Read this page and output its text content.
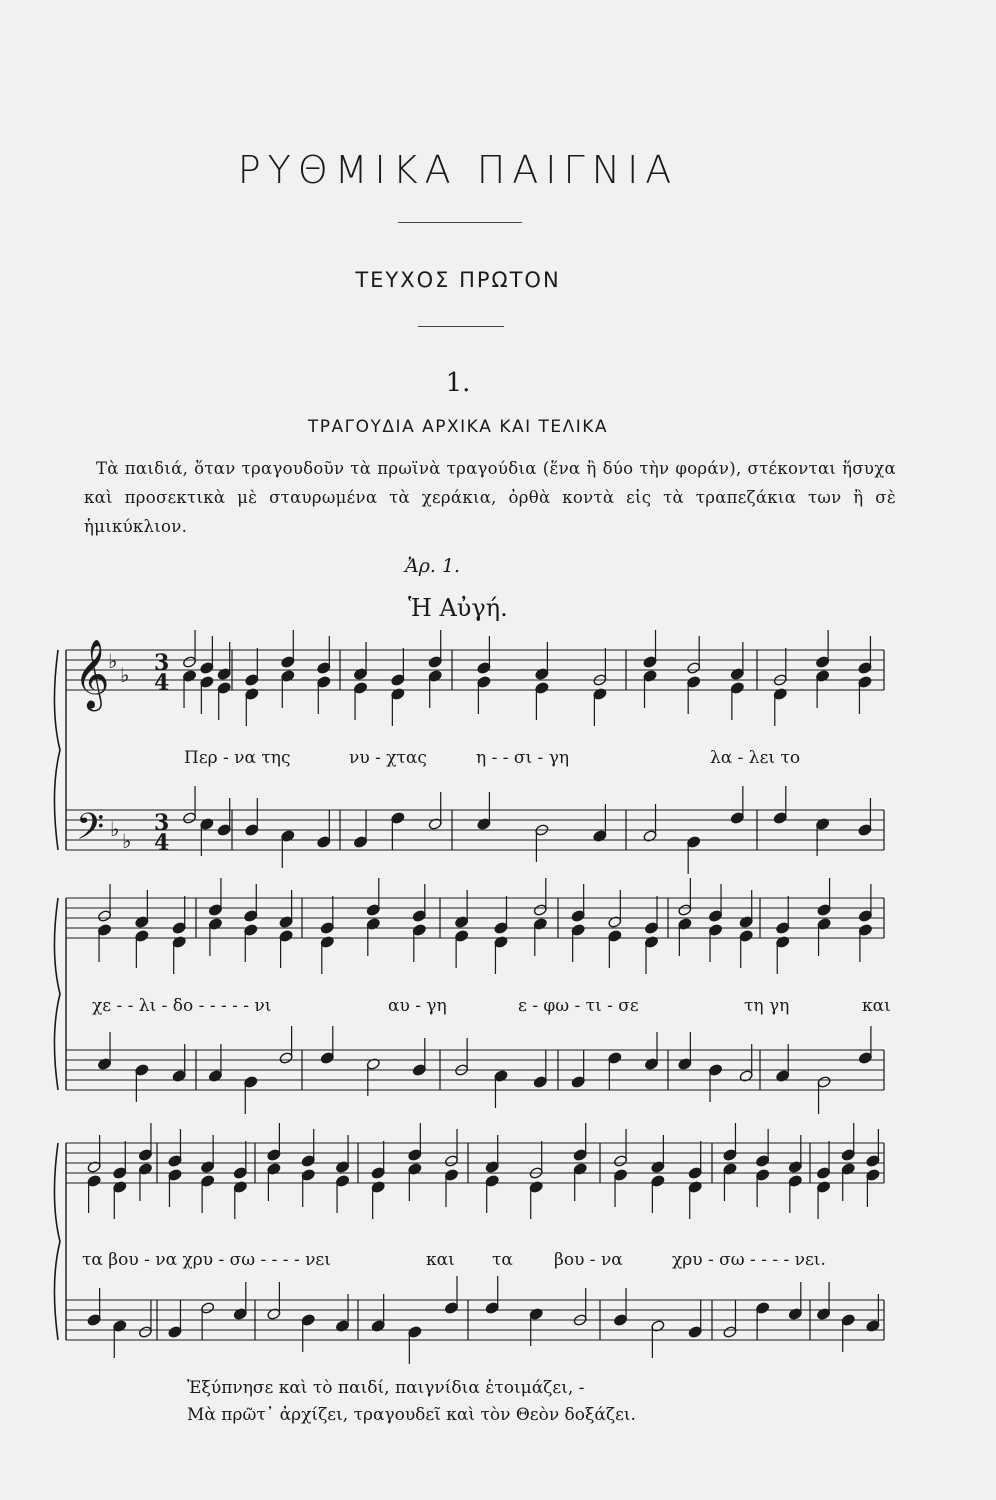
ΡΥΘΜΙΚΑ ΠΑΙΓΝΙΑ
ΤΕΥΧΟΣ ΠΡΩΤΟΝ
1.
ΤΡΑΓΟΥΔΙΑ ΑΡΧΙΚΑ ΚΑΙ ΤΕΛΙΚΑ
Τὰ παιδιά, ὅταν τραγουδοῦν τὰ πρωϊνὰ τραγούδια (ἕνα ἢ δύο τὴν φοράν), στέκονται ἥσυχα καὶ προσεκτικὰ μὲ σταυρωμένα τὰ χεράκια, ὀρθὰ κοντὰ εἰς τὰ τραπεζάκια των ἢ σὲ ἡμικύκλιον.
Ἀρ. 1.
Ἡ Αὐγή.
𝄞
𝄢
♭
♭
♭ ♭
3
4
3
4
Περ - να της	νυ - χτας	η - - σι - γη	λα - λει το
χε - - λι - δο - - - - - νι	αυ - γη	ε - φω - τι - σε	τη γη	και
τα βου - να χρυ - σω - - - - νει	και τα βου - να	χρυ - σω - - - - νει.
Ἐξύπνησε καὶ τὸ παιδί, παιγνίδια ἑτοιμάζει, -
Μὰ πρῶτ᾽ ἀρχίζει, τραγουδεῖ καὶ τὸν Θεὸν δοξάζει.
